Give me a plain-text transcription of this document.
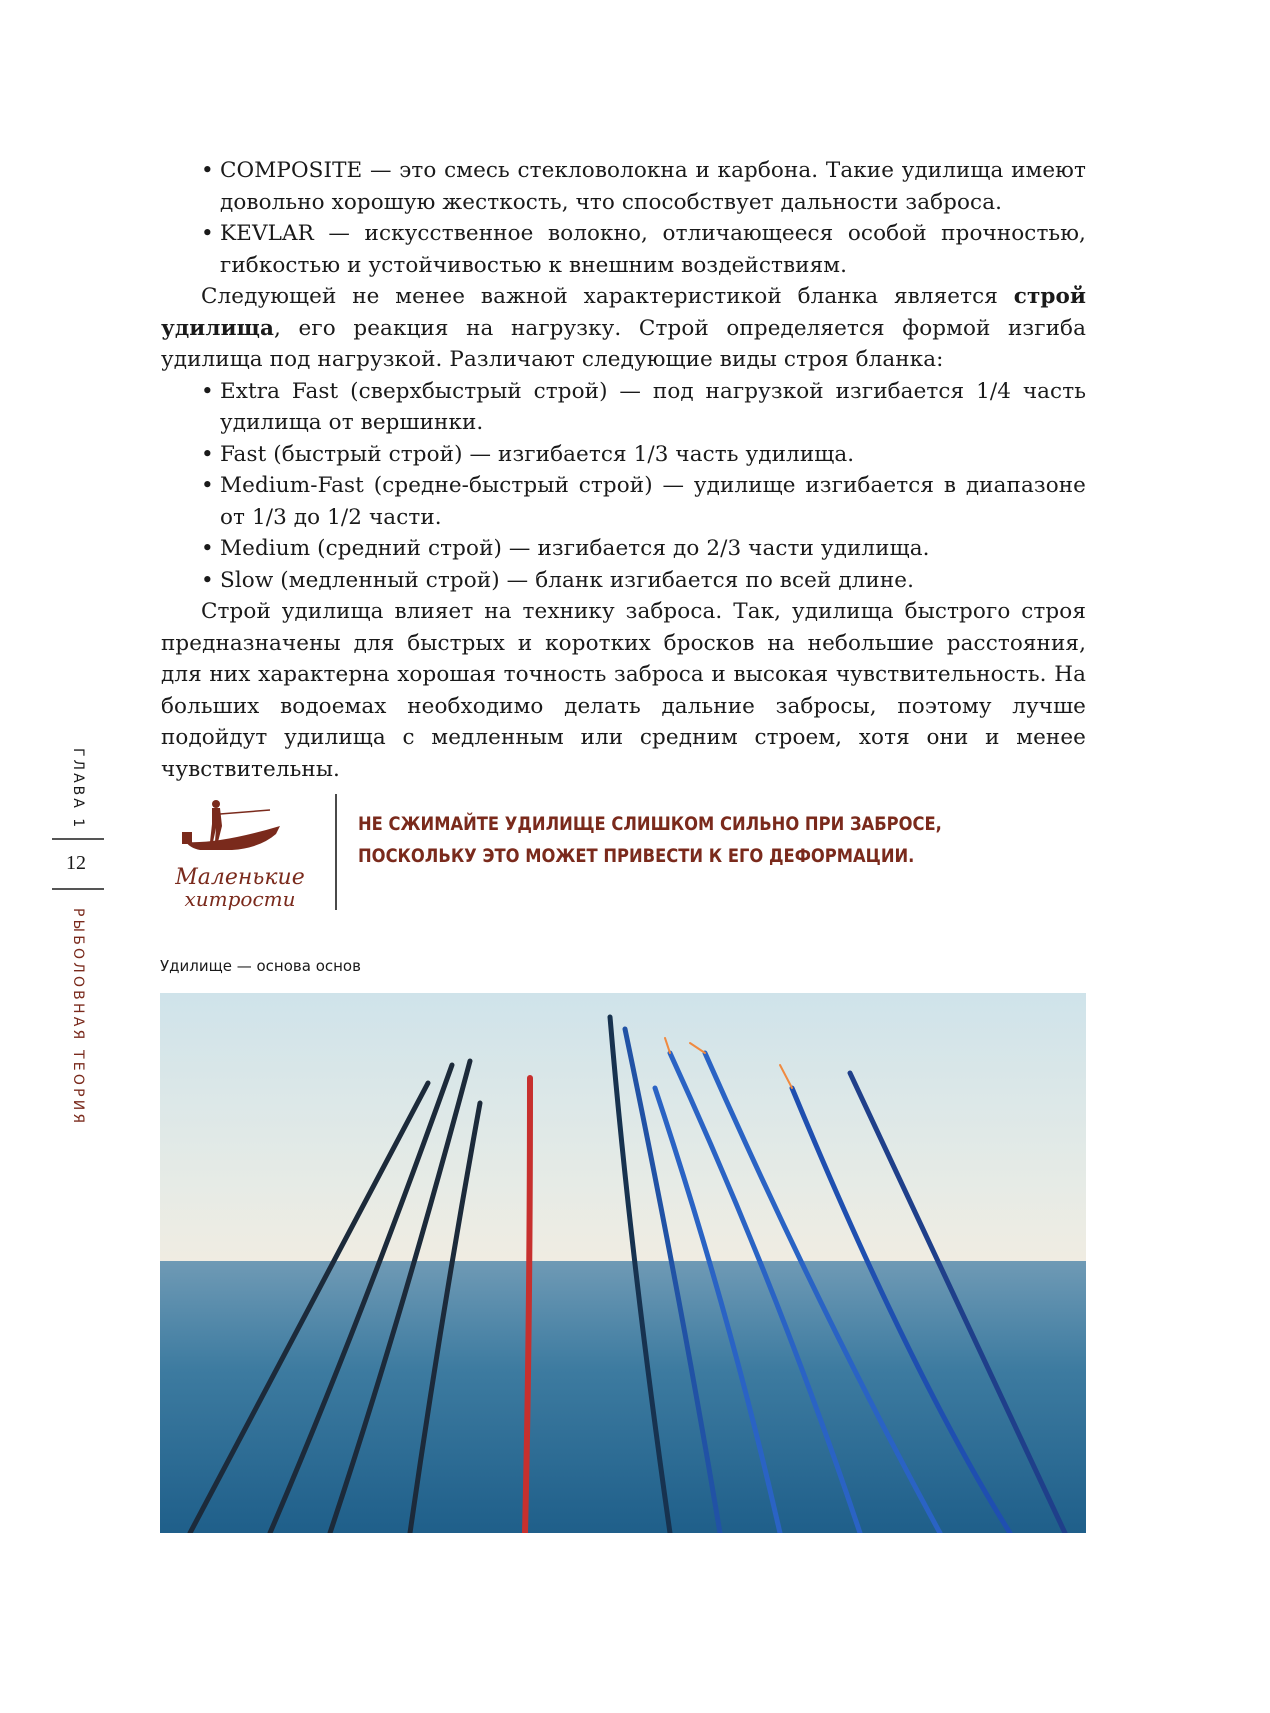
• COMPOSITE — это смесь стекловолокна и карбона. Такие удилища имеют довольно хорошую жесткость, что способствует дальности заброса.
• KEVLAR — искусственное волокно, отличающееся особой прочностью, гибкостью и устойчивостью к внешним воздействиям.
Следующей не менее важной характеристикой бланка является строй удилища, его реакция на нагрузку. Строй определяется формой изгиба удилища под нагрузкой. Различают следующие виды строя бланка:
• Extra Fast (сверхбыстрый строй) — под нагрузкой изгибается 1/4 часть удилища от вершинки.
• Fast (быстрый строй) — изгибается 1/3 часть удилища.
• Medium-Fast (средне-быстрый строй) — удилище изгибается в диапазоне от 1/3 до 1/2 части.
• Medium (средний строй) — изгибается до 2/3 части удилища.
• Slow (медленный строй) — бланк изгибается по всей длине.
Строй удилища влияет на технику заброса. Так, удилища быстрого строя предназначены для быстрых и коротких бросков на небольшие расстояния, для них характерна хорошая точность заброса и высокая чувствительность. На больших водоемах необходимо делать дальние забросы, поэтому лучше подойдут удилища с медленным или средним строем, хотя они и менее чувствительны.
ГЛАВА 1
12
РЫБОЛОВНАЯ ТЕОРИЯ
Маленькие
хитрости
НЕ СЖИМАЙТЕ УДИЛИЩЕ СЛИШКОМ СИЛЬНО ПРИ ЗАБРОСЕ,
ПОСКОЛЬКУ ЭТО МОЖЕТ ПРИВЕСТИ К ЕГО ДЕФОРМАЦИИ.
Удилище — основа основ
